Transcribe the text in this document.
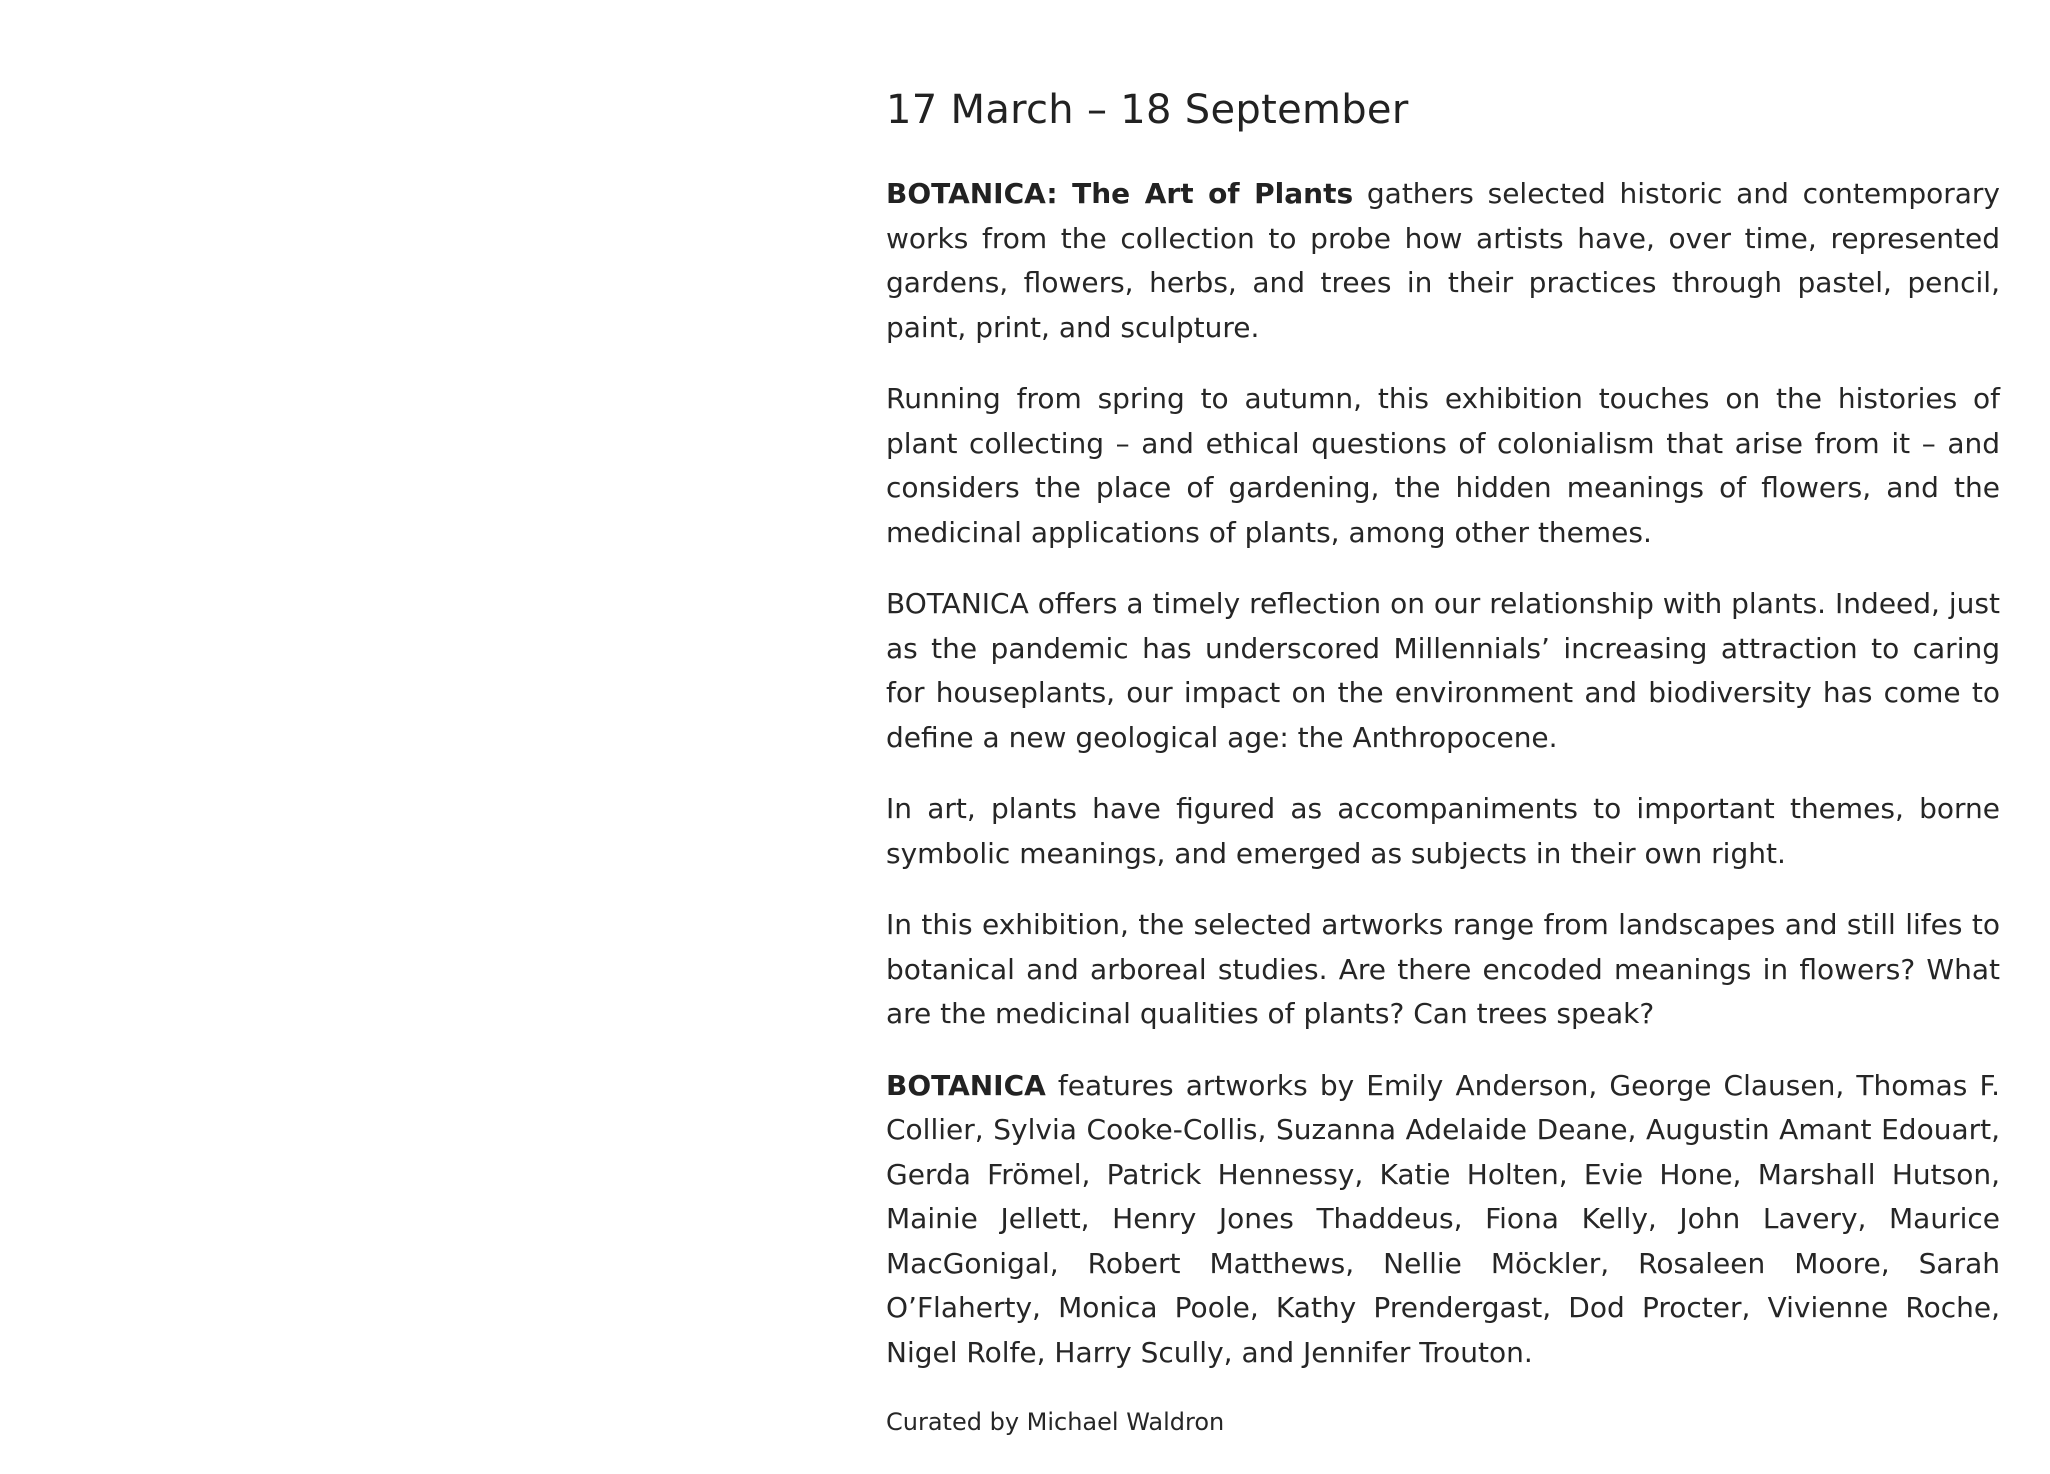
17 March – 18 September

BOTANICA: The Art of Plants gathers selected historic and contemporary works from the collection to probe how artists have, over time, represented gardens, flowers, herbs, and trees in their practices through pastel, pencil, paint, print, and sculpture.

Running from spring to autumn, this exhibition touches on the histories of plant collecting – and ethical questions of colonialism that arise from it – and considers the place of gardening, the hidden meanings of flowers, and the medicinal applications of plants, among other themes.

BOTANICA offers a timely reflection on our relationship with plants. Indeed, just as the pandemic has underscored Millennials’ increasing attraction to caring for houseplants, our impact on the environment and biodiversity has come to define a new geological age: the Anthropocene.

In art, plants have figured as accompaniments to important themes, borne symbolic meanings, and emerged as subjects in their own right.

In this exhibition, the selected artworks range from landscapes and still lifes to botanical and arboreal studies. Are there encoded meanings in flowers? What are the medicinal qualities of plants? Can trees speak?

BOTANICA features artworks by Emily Anderson, George Clausen, Thomas F. Collier, Sylvia Cooke-Collis, Suzanna Adelaide Deane, Augustin Amant Edouart, Gerda Frömel, Patrick Hennessy, Katie Holten, Evie Hone, Marshall Hutson, Mainie Jellett, Henry Jones Thaddeus, Fiona Kelly, John Lavery, Maurice MacGonigal, Robert Matthews, Nellie Möckler, Rosaleen Moore, Sarah O’Flaherty, Monica Poole, Kathy Prendergast, Dod Procter, Vivienne Roche, Nigel Rolfe, Harry Scully, and Jennifer Trouton.

Curated by Michael Waldron
